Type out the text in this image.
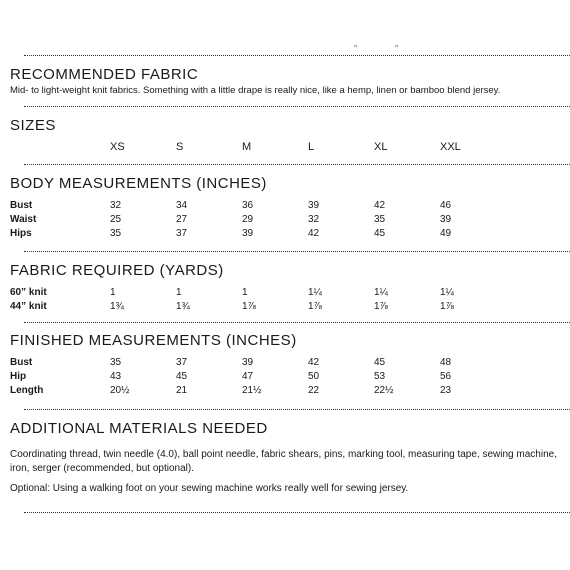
„	„
RECOMMENDED FABRIC
Mid- to light-weight knit fabrics. Something with a little drape is really nice, like a hemp, linen or bamboo blend jersey.
SIZES
XS	S	M	L	XL	XXL
BODY MEASUREMENTS (INCHES)
Bust	32	34	36	39	42	46
Waist	25	27	29	32	35	39
Hips	35	37	39	42	45	49
FABRIC REQUIRED (YARDS)
60” knit	1	1	1	1¼	1¼	1¼
44” knit	1¾	1¾	1⅞	1⅞	1⅞	1⅞
FINISHED MEASUREMENTS (INCHES)
Bust	35	37	39	42	45	48
Hip	43	45	47	50	53	56
Length	20½	21	21½	22	22½	23
ADDITIONAL MATERIALS NEEDED
Coordinating thread, twin needle (4.0), ball point needle, fabric shears, pins, marking tool, measuring tape, sewing machine, iron, serger (recommended, but optional).
Optional: Using a walking foot on your sewing machine works really well for sewing jersey.
